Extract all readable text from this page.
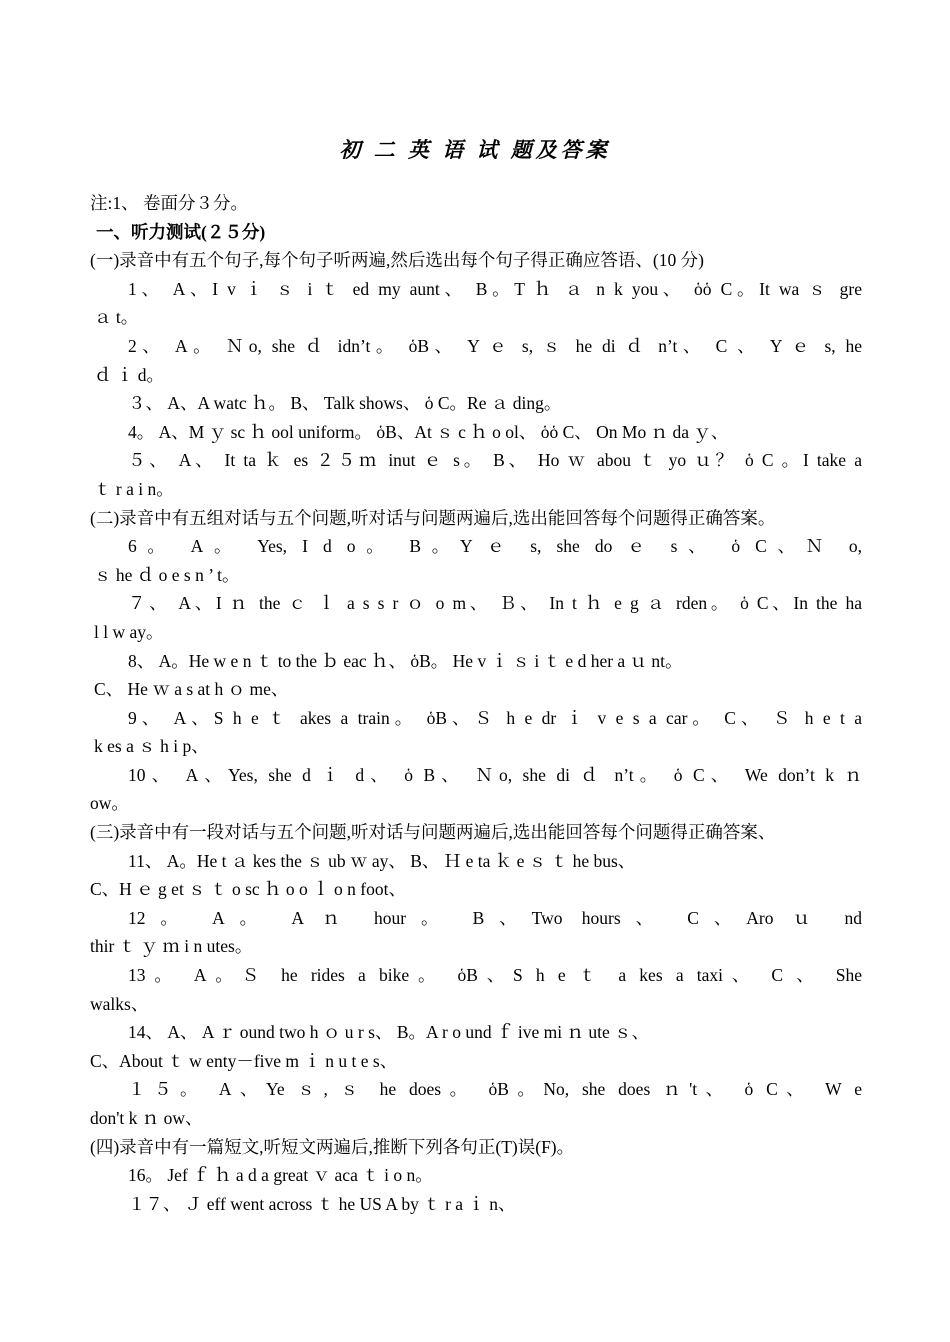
初 二 英 语 试 题及答案
注:1、 卷面分３分。
一、听力测试(２５分)
(一)录音中有五个句子,每个句子听两遍,然后选出每个句子得正确应答语、(10 分)
1、 A、I v ｉ ｓ i ｔ ed my aunt、 B。T ｈ ａ n k you、 ὁὁ C。It wa ｓ gre
ａ t。
2、 A。 Ｎo, she ｄ idn’t。 ὁB、 Y ｅ s, ｓ he di ｄ n’t、 C 、 Y ｅ s, he
ｄ ｉ d。
３、 A、A watc ｈ。 B、 Talk shows、 ὁ C。Re ａ ding。
4。 A、M ｙ sc ｈ ool uniform。 ὁB、At ｓ c ｈ o ol、 ὁὁ C、 On Mo ｎ da ｙ、
５、 A、 It ta ｋ es ２５ｍ inut ｅ s。 B、 Ho ｗ abou ｔ yo ｕ？ ὁ C 。I take a
ｔ r a i n。
(二)录音中有五组对话与五个问题,听对话与问题两遍后,选出能回答每个问题得正确答案。
6。 A。 Yes, I d o。 B。Y ｅ s, she do ｅ s、 ὁ C、Ｎ o,
ｓ he ｄ o e s n ’ t。
７、 A、I ｎ the ｃ ｌ a s s r ｏ o m、 Ｂ、 In t ｈ e g ａ rden。 ὁ C、In the ha
l l w ay。
8、 A。He w e n ｔ to the ｂ eac ｈ、 ὁB。 He v ｉ ｓ i ｔ e d her a ｕ nt。
C、 He ｗ a s at h ｏ me、
9、 A、S h e ｔ akes a train。 ὁB、Ｓ h e dr ｉ v e s a car。 C、 Ｓ h e t a
k es a ｓ h i p、
10、 A、Yes, she d ｉ d、 ὁ B、 Ｎo, she di ｄ n’t。 ὁ C、 We don’t k ｎ
ow。
(三)录音中有一段对话与五个问题,听对话与问题两遍后,选出能回答每个问题得正确答案、
11、 A。He t ａ kes the ｓ ub ｗ ay、 B、 Ｈ e ta ｋ e ｓ ｔ he bus、
C、H ｅ g et ｓ ｔ o sc ｈ o o ｌ o n foot、
12。 A。 A ｎ hour。 B、Two hours、 C、Aro ｕ nd
thir ｔ ｙ ｍ i n utes。
13。 A。Ｓ he rides a bike。 ὁB、S h e ｔ a kes a taxi、 C 、 She
walks、
14、 A、 A ｒ ound two h ｏ u r s、 B。A r o und ｆ ive mi ｎ ute ｓ、
C、About ｔ w enty－five m ｉ n u t e s、
１５。 A、Ye ｓ, ｓ he does。 ὁB。No, she does ｎ't、 ὁ C、 W e
don't k ｎ ow、
(四)录音中有一篇短文,听短文两遍后,推断下列各句正(T)误(F)。
16。 Jef ｆ ｈ a d a great ｖ aca ｔ i o n。
１７、 Ｊ eff went across ｔ he US A by ｔ r a ｉ n、
